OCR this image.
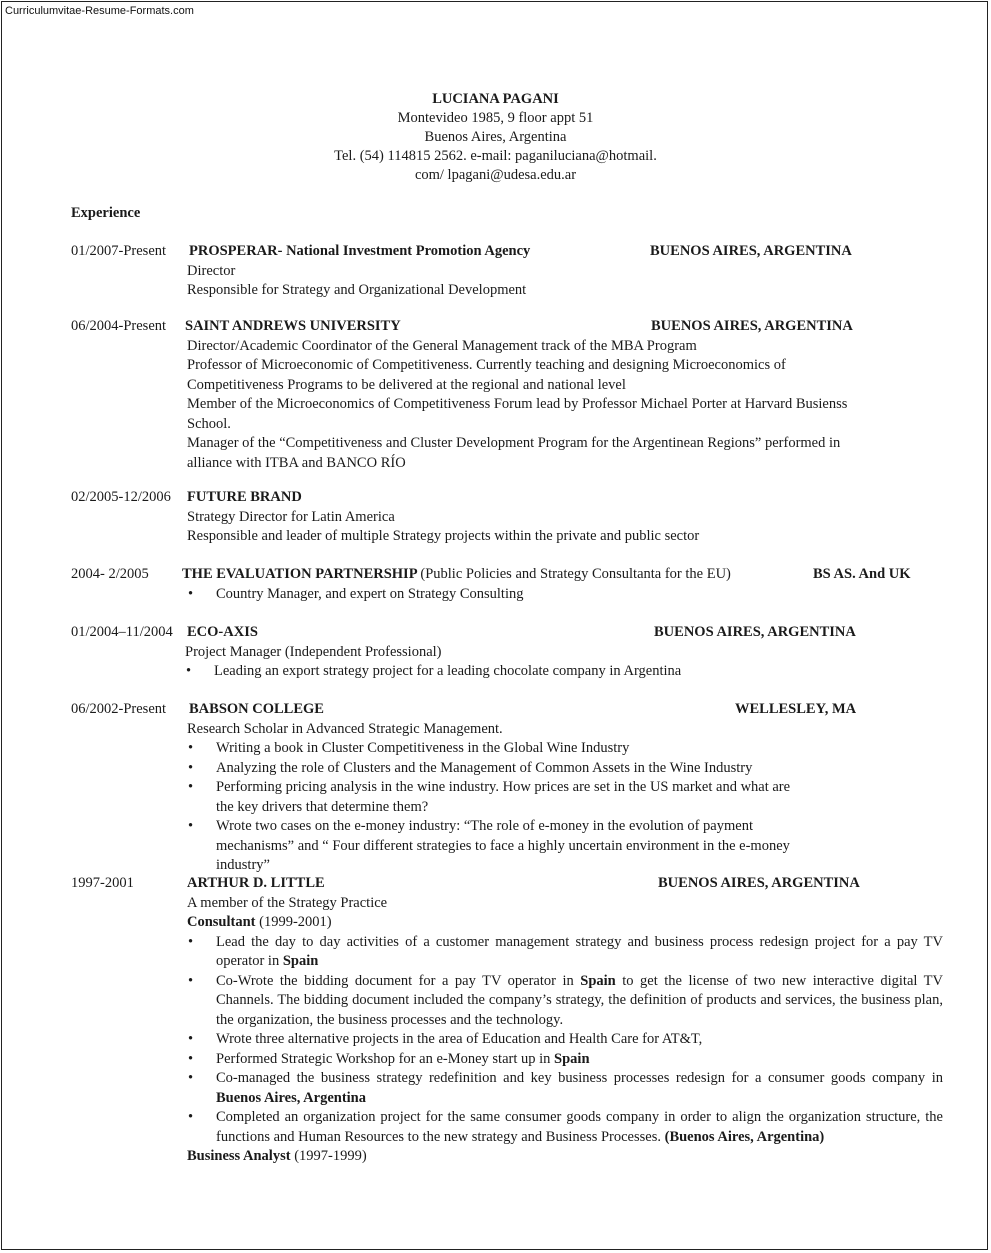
Curriculumvitae-Resume-Formats.com
LUCIANA PAGANI
Montevideo 1985, 9 floor appt 51
Buenos Aires, Argentina
Tel. (54) 114815 2562. e-mail: paganiluciana@hotmail.
com/ lpagani@udesa.edu.ar
Experience
01/2007-Present PROSPERAR- National Investment Promotion Agency	BUENOS AIRES, ARGENTINA

Director

Responsible for Strategy and Organizational Development

06/2004-Present SAINT ANDREWS UNIVERSITY	BUENOS AIRES, ARGENTINA

Director/Academic Coordinator of the General Management track of the MBA Program

Professor of Microeconomic of Competitiveness. Currently teaching and designing Microeconomics of

Competitiveness Programs to be delivered at the regional and national level

Member of the Microeconomics of Competitiveness Forum lead by Professor Michael Porter at Harvard Busienss

School.

Manager of the “Competitiveness and Cluster Development Program for the Argentinean Regions” performed in

alliance with ITBA and BANCO RÍO

02/2005-12/2006 FUTURE BRAND

Strategy Director for Latin America

Responsible and leader of multiple Strategy projects within the private and public sector

2004- 2/2005 THE EVALUATION PARTNERSHIP (Public Policies and Strategy Consultanta for the EU)	BS AS. And UK
• Country Manager, and expert on Strategy Consulting
01/2004–11/2004 ECO-AXIS	BUENOS AIRES, ARGENTINA

Project Manager (Independent Professional)

• Leading an export strategy project for a leading chocolate company in Argentina
06/2002-Present BABSON COLLEGE	WELLESLEY, MA

Research Scholar in Advanced Strategic Management.

• Writing a book in Cluster Competitiveness in the Global Wine Industry
• Analyzing the role of Clusters and the Management of Common Assets in the Wine Industry
• Performing pricing analysis in the wine industry. How prices are set in the US market and what are the key drivers that determine them?
• Wrote two cases on the e-money industry: “The role of e-money in the evolution of payment mechanisms” and “ Four different strategies to face a highly uncertain environment in the e-money industry”
1997-2001	ARTHUR D. LITTLE	BUENOS AIRES, ARGENTINA

A member of the Strategy Practice

Consultant (1999-2001)

• Lead the day to day activities of a customer management strategy and business process redesign project for a pay TV operator in Spain
• Co-Wrote the bidding document for a pay TV operator in Spain to get the license of two new interactive digital TV Channels. The bidding document included the company’s strategy, the definition of products and services, the business plan, the organization, the business processes and the technology.
• Wrote three alternative projects in the area of Education and Health Care for AT&T,
• Performed Strategic Workshop for an e-Money start up in Spain
• Co-managed the business strategy redefinition and key business processes redesign for a consumer goods company in Buenos Aires, Argentina
• Completed an organization project for the same consumer goods company in order to align the organization structure, the functions and Human Resources to the new strategy and Business Processes. (Buenos Aires, Argentina)

Business Analyst (1997-1999)
